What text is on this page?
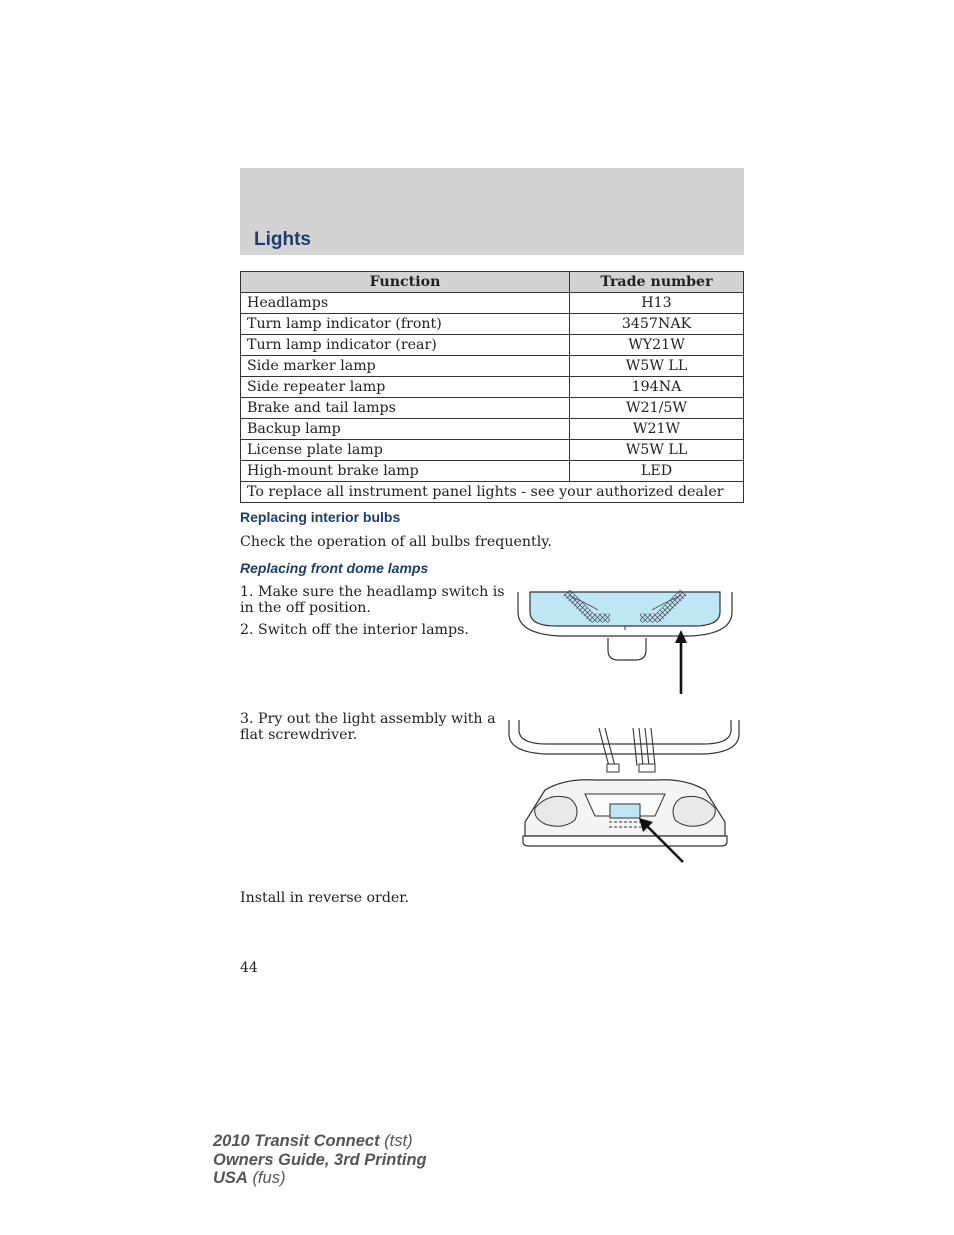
Lights
Function	Trade number
Headlamps	H13
Turn lamp indicator (front)	3457NAK
Turn lamp indicator (rear)	WY21W
Side marker lamp	W5W LL
Side repeater lamp	194NA
Brake and tail lamps	W21/5W
Backup lamp	W21W
License plate lamp	W5W LL
High-mount brake lamp	LED
To replace all instrument panel lights - see your authorized dealer	
Replacing interior bulbs
Check the operation of all bulbs frequently.
Replacing front dome lamps
1. Make sure the headlamp switch is
in the off position.
2. Switch off the interior lamps.
3. Pry out the light assembly with a
flat screwdriver.
Install in reverse order.
44
2010 Transit Connect (tst)
Owners Guide, 3rd Printing
USA (fus)
